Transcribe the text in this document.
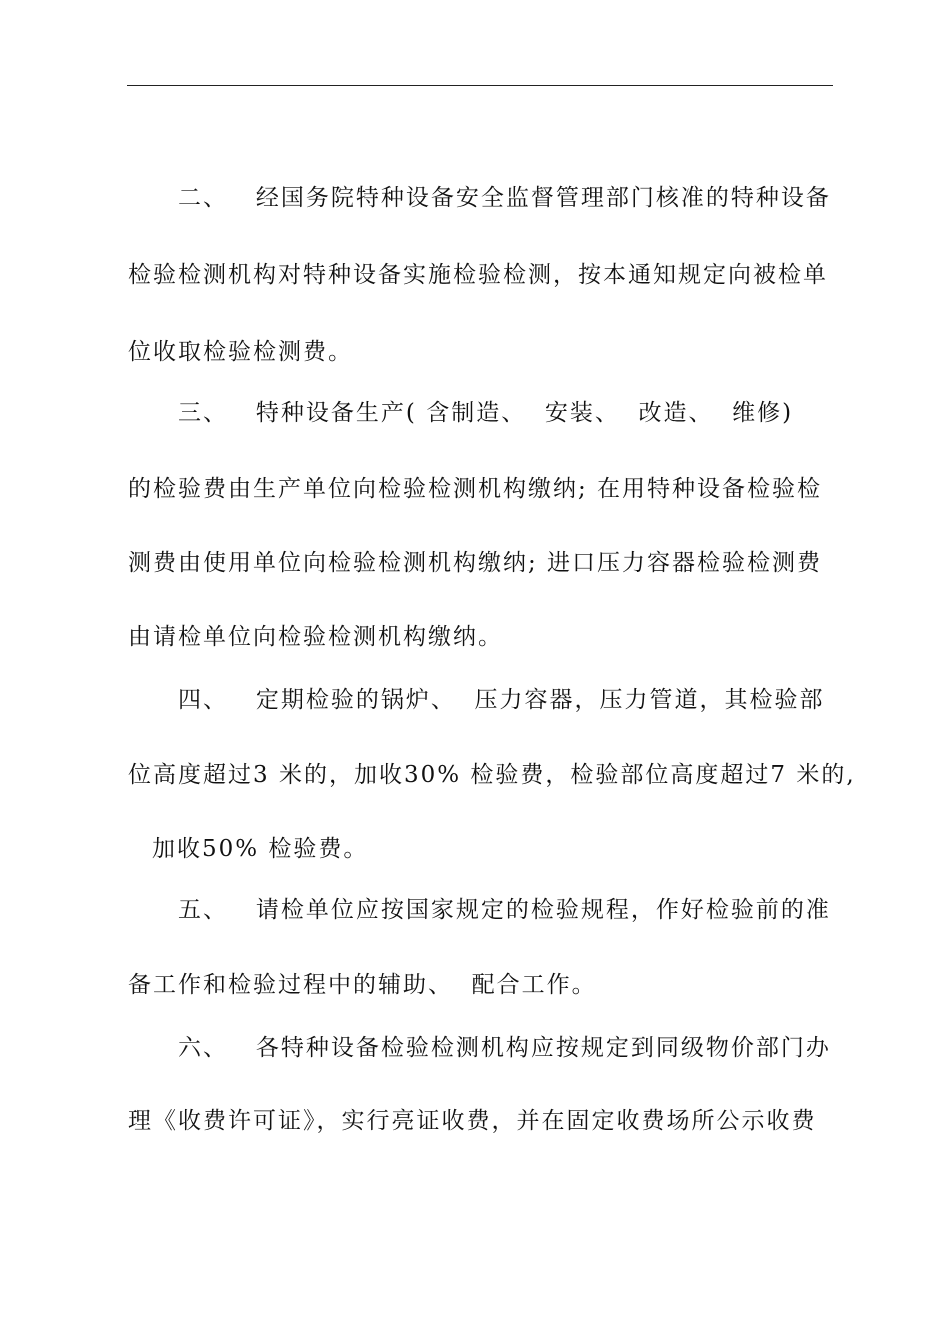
二、   经国务院特种设备安全监督管理部门核准的特种设备
检验检测机构对特种设备实施检验检测，按本通知规定向被检单
位收取检验检测费。
三、   特种设备生产( 含制造、  安装、  改造、  维修)
的检验费由生产单位向检验检测机构缴纳; 在用特种设备检验检
测费由使用单位向检验检测机构缴纳; 进口压力容器检验检测费
由请检单位向检验检测机构缴纳。
四、   定期检验的锅炉、  压力容器，压力管道，其检验部
位高度超过3 米的，加收30% 检验费，检验部位高度超过7 米的,
加收50% 检验费。
五、   请检单位应按国家规定的检验规程，作好检验前的准
备工作和检验过程中的辅助、  配合工作。
六、   各特种设备检验检测机构应按规定到同级物价部门办
理《收费许可证》，实行亮证收费，并在固定收费场所公示收费
